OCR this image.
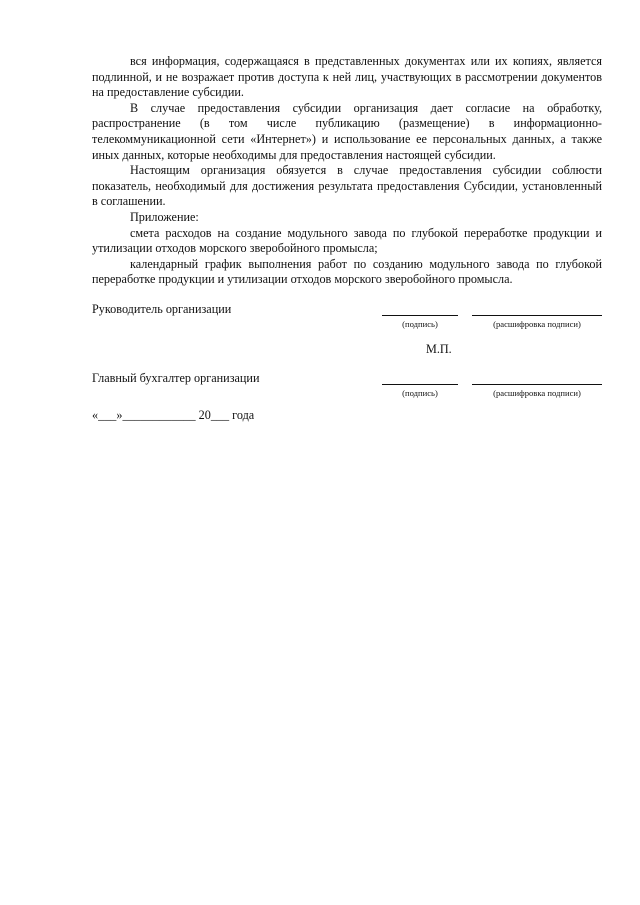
вся информация, содержащаяся в представленных документах или их копиях, является подлинной, и не возражает против доступа к ней лиц, участвующих в рассмотрении документов на предоставление субсидии.

В случае предоставления субсидии организация дает согласие на обработку, распространение (в том числе публикацию (размещение) в информационно-телекоммуникационной сети «Интернет») и использование ее персональных данных, а также иных данных, которые необходимы для предоставления настоящей субсидии.

Настоящим организация обязуется в случае предоставления субсидии соблюсти показатель, необходимый для достижения результата предоставления Субсидии, установленный в соглашении.

Приложение:

смета расходов на создание модульного завода по глубокой переработке продукции и утилизации отходов морского зверобойного промысла;

календарный график выполнения работ по созданию модульного завода по глубокой переработке продукции и утилизации отходов морского зверобойного промысла.

Руководитель организации
(подпись)	(расшифровка подписи)
М.П.
Главный бухгалтер организации
(подпись)	(расшифровка подписи)
«___»____________ 20___ года
